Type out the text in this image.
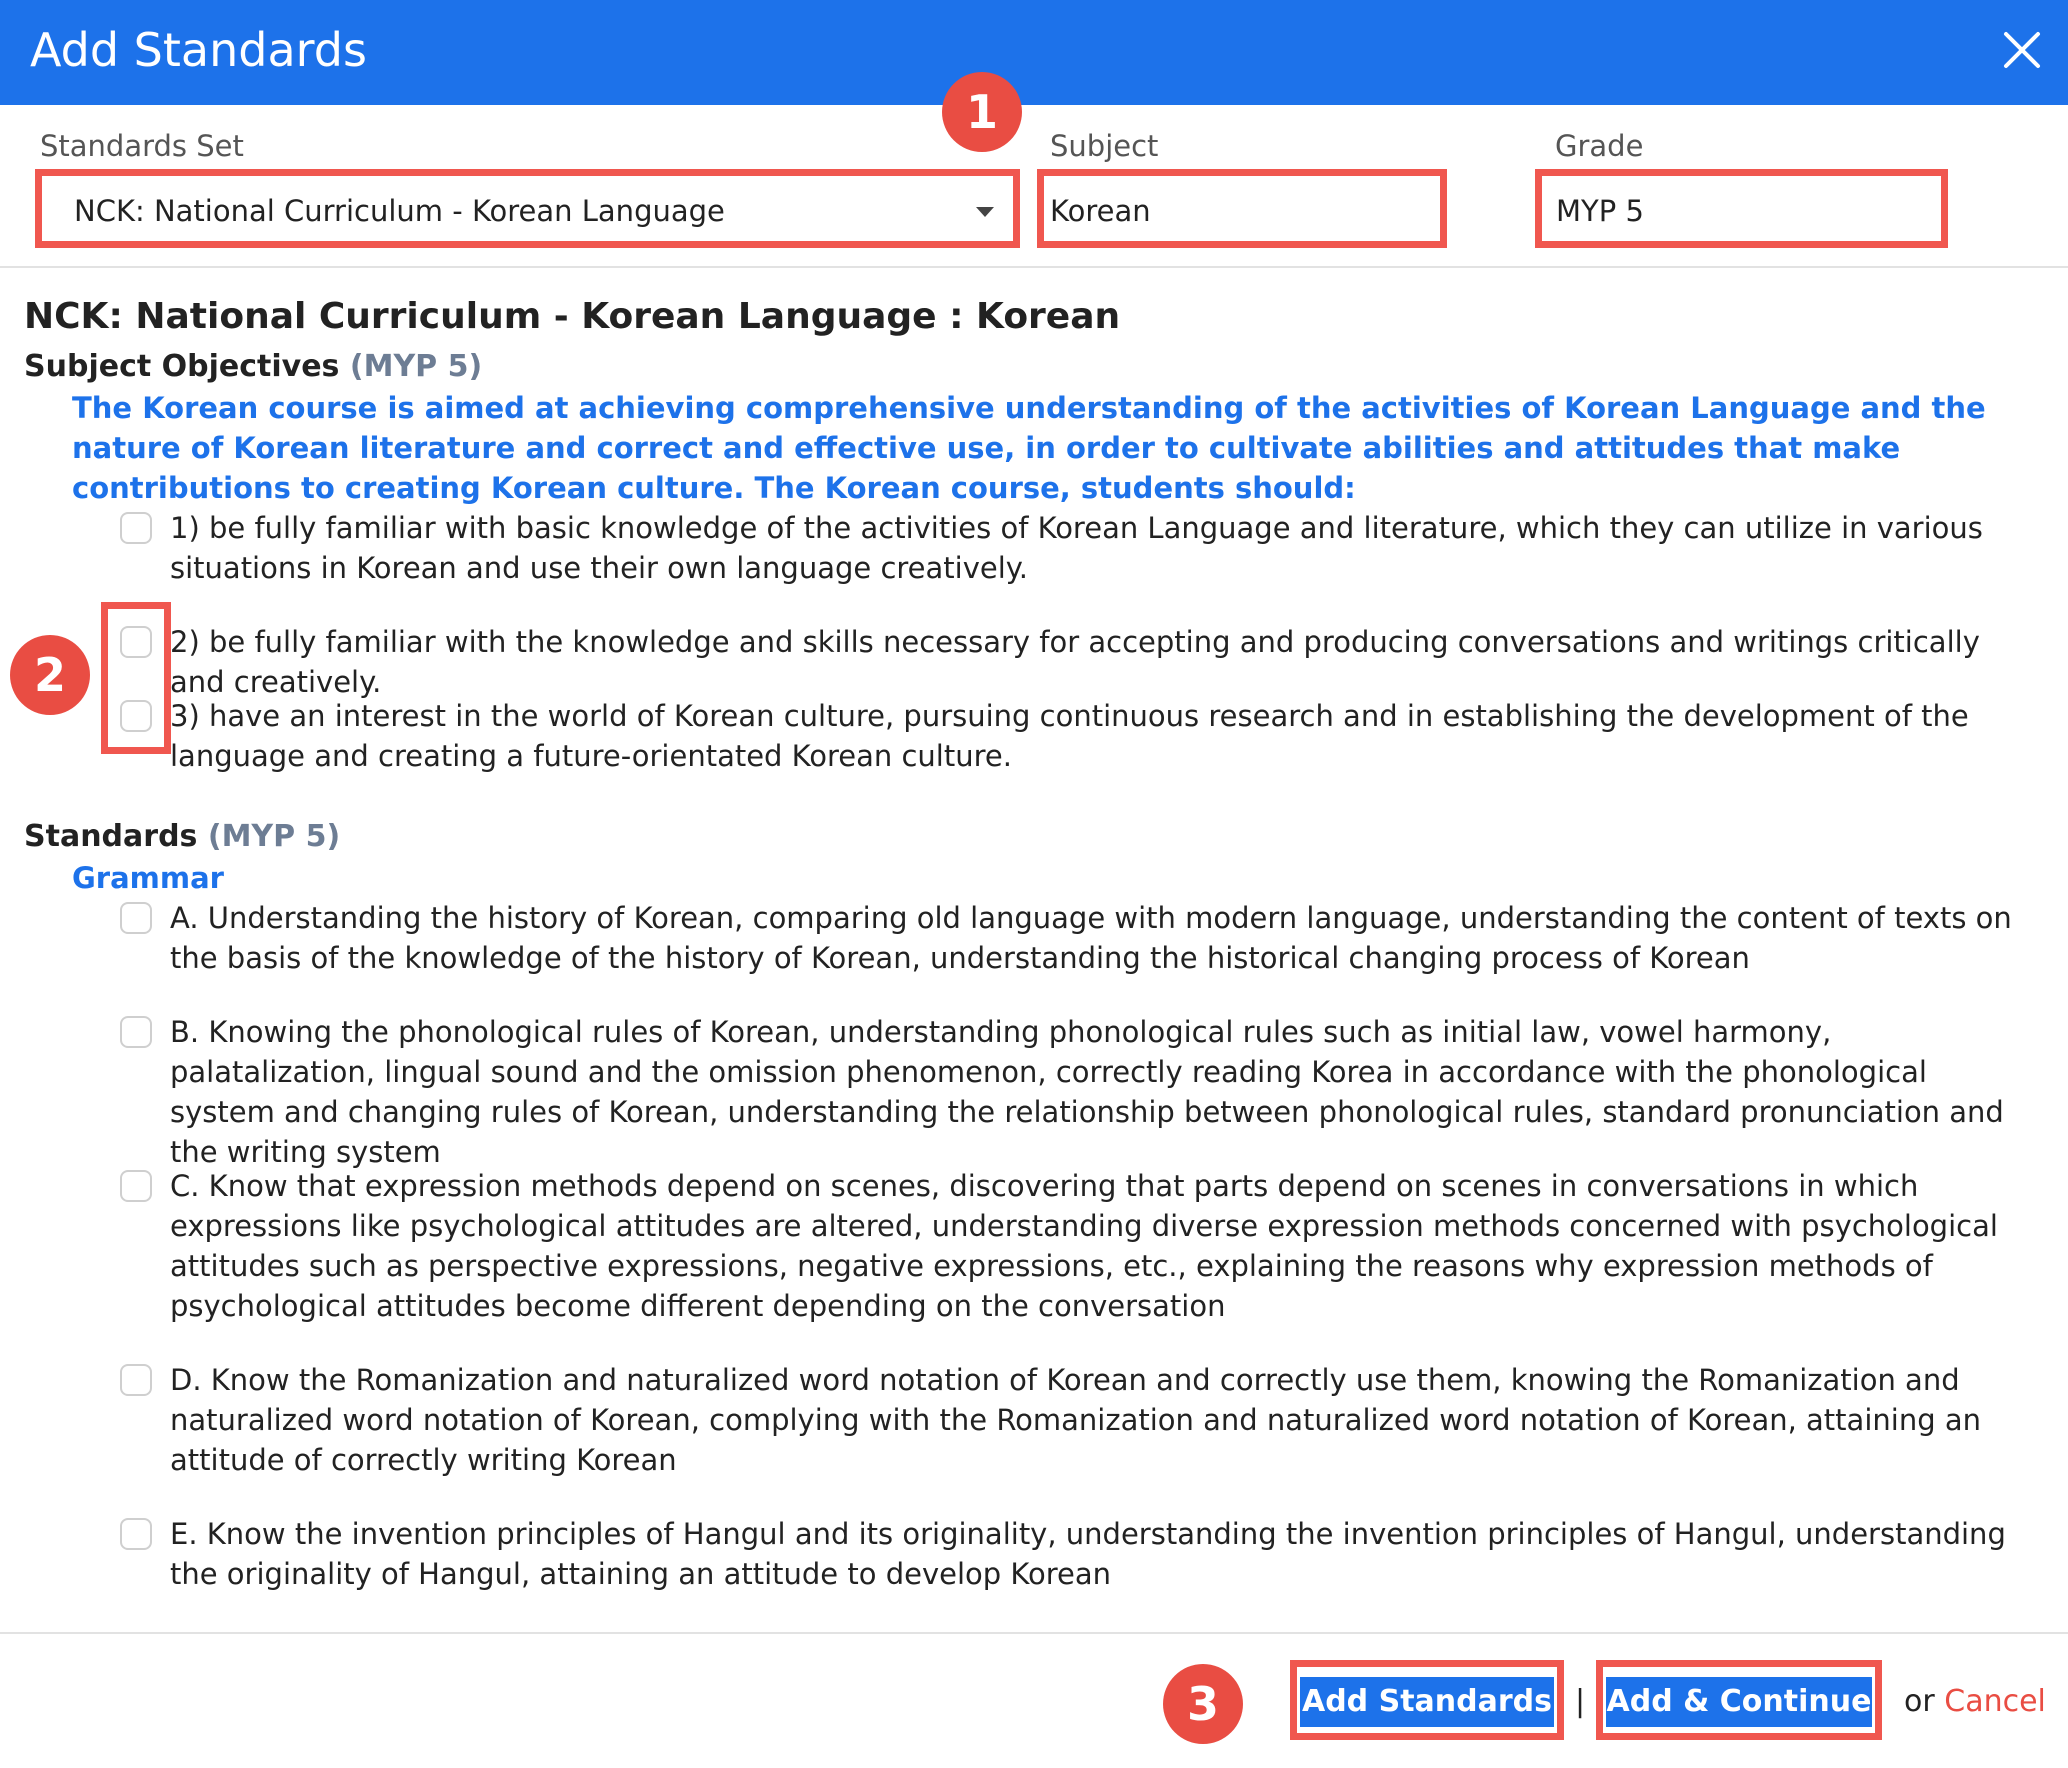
Add Standards
Standards Set	Subject	Grade
NCK: National Curriculum - Korean Language	Korean	MYP 5
1
NCK: National Curriculum - Korean Language : Korean
Subject Objectives (MYP 5)
The Korean course is aimed at achieving comprehensive understanding of the activities of Korean Language and the nature of Korean literature and correct and effective use, in order to cultivate abilities and attitudes that make contributions to creating Korean culture. The Korean course, students should:
1) be fully familiar with basic knowledge of the activities of Korean Language and literature, which they can utilize in various situations in Korean and use their own language creatively.
2) be fully familiar with the knowledge and skills necessary for accepting and producing conversations and writings critically and creatively.
3) have an interest in the world of Korean culture, pursuing continuous research and in establishing the development of the language and creating a future-orientated Korean culture.
2
Standards (MYP 5)
Grammar
A. Understanding the history of Korean, comparing old language with modern language, understanding the content of texts on the basis of the knowledge of the history of Korean, understanding the historical changing process of Korean
B. Knowing the phonological rules of Korean, understanding phonological rules such as initial law, vowel harmony, palatalization, lingual sound and the omission phenomenon, correctly reading Korea in accordance with the phonological system and changing rules of Korean, understanding the relationship between phonological rules, standard pronunciation and the writing system
C. Know that expression methods depend on scenes, discovering that parts depend on scenes in conversations in which expressions like psychological attitudes are altered, understanding diverse expression methods concerned with psychological attitudes such as perspective expressions, negative expressions, etc., explaining the reasons why expression methods of psychological attitudes become different depending on the conversation
D. Know the Romanization and naturalized word notation of Korean and correctly use them, knowing the Romanization and naturalized word notation of Korean, complying with the Romanization and naturalized word notation of Korean, attaining an attitude of correctly writing Korean
E. Know the invention principles of Hangul and its originality, understanding the invention principles of Hangul, understanding the originality of Hangul, attaining an attitude to develop Korean
3	Add Standards | Add & Continue or Cancel
